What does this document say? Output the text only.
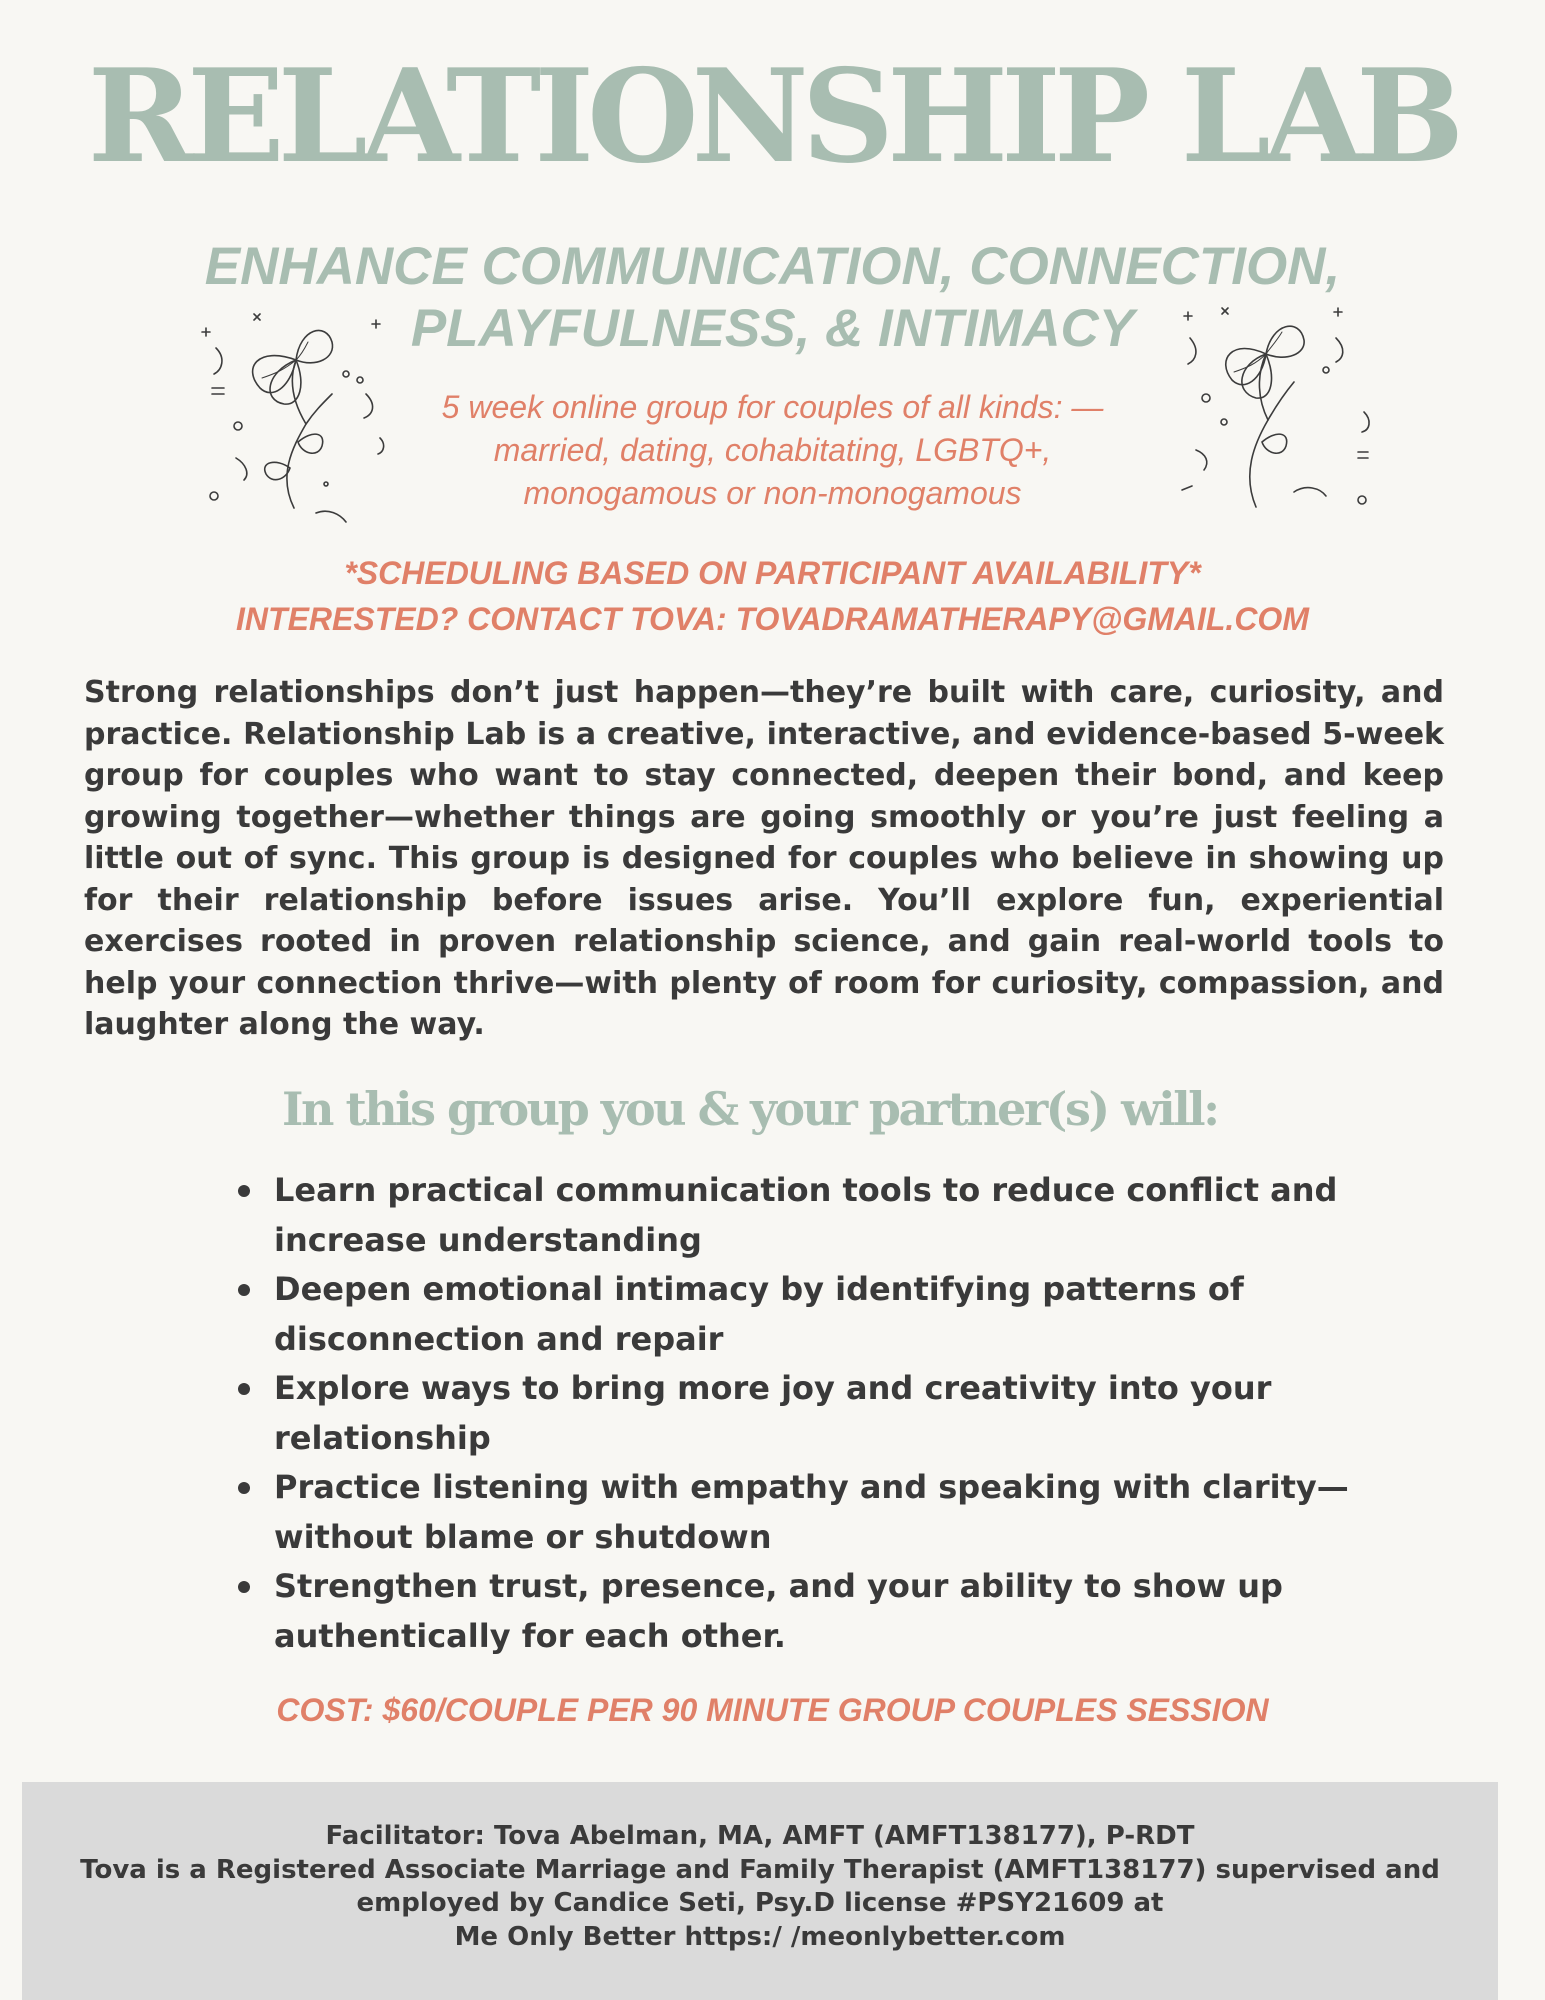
RELATIONSHIP LAB
ENHANCE COMMUNICATION, CONNECTION,
PLAYFULNESS, & INTIMACY
5 week online group for couples of all kinds: —
married, dating, cohabitating, LGBTQ+,
monogamous or non-monogamous
*SCHEDULING BASED ON PARTICIPANT AVAILABILITY*
INTERESTED? CONTACT TOVA: TOVADRAMATHERAPY@GMAIL.COM
Strong relationships don’t just happen—they’re built with care, curiosity, and practice. Relationship Lab is a creative, interactive, and evidence-based 5-week group for couples who want to stay connected, deepen their bond, and keep growing together—whether things are going smoothly or you’re just feeling a little out of sync. This group is designed for couples who believe in showing up for their relationship before issues arise. You’ll explore fun, experiential exercises rooted in proven relationship science, and gain real-world tools to help your connection thrive—with plenty of room for curiosity, compassion, and laughter along the way.
In this group you & your partner(s) will:
Learn practical communication tools to reduce conflict and increase understanding
Deepen emotional intimacy by identifying patterns of disconnection and repair
Explore ways to bring more joy and creativity into your relationship
Practice listening with empathy and speaking with clarity—without blame or shutdown
Strengthen trust, presence, and your ability to show up authentically for each other.
COST: $60/COUPLE PER 90 MINUTE GROUP COUPLES SESSION
Facilitator: Tova Abelman, MA, AMFT (AMFT138177), P-RDT
Tova is a Registered Associate Marriage and Family Therapist (AMFT138177) supervised and
employed by Candice Seti, Psy.D license #PSY21609 at
Me Only Better https:/ /meonlybetter.com
